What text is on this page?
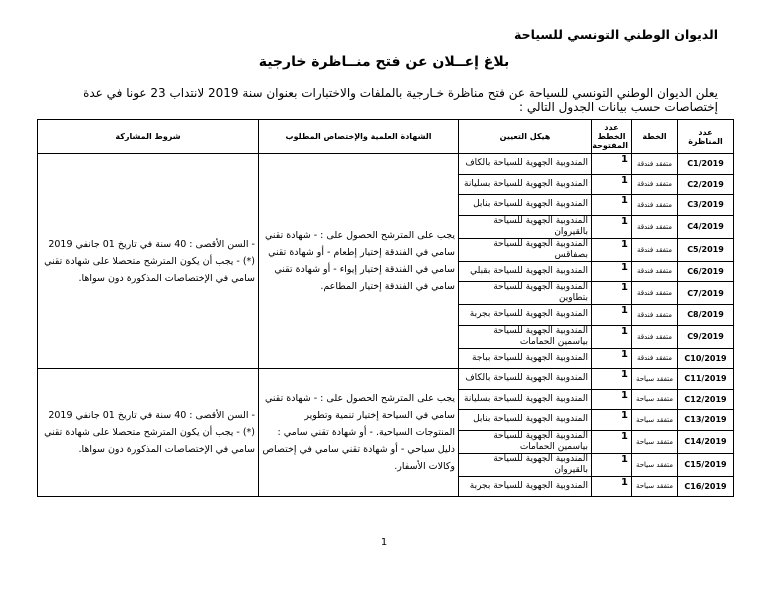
الديوان الوطني التونسي للسياحة
بلاغ إعــلان عن فتح منــاظرة خارجية
يعلن الديوان الوطني التونسي للسياحة عن فتح مناظرة خـارجية بالملفات والاختبارات بعنوان سنة 2019 لانتداب 23 عونا في عدة إختصاصات حسب بيانات الجدول التالي :
عدد المناظرة	الخطة	عدد الخطط المفتوحة	هيكل التعيين	الشهادة العلمية والإختصاص المطلوب	شروط المشاركة
C1/2019	متفقد فندقة	1	المندوبية الجهوية للسياحة بالكاف	يجب على المترشح الحصول على : - شهادة تقني سامي في الفندقة إختيار إطعام - أو شهادة تقني سامي في الفندقة إختيار إيواء - أو شهادة تقني سامي في الفندقة إختيار المطاعم.	- السن الأقصى : 40 سنة في تاريخ 01 جانفي 2019 (*) - يجب أن يكون المترشح متحصلا على شهادة تقني سامي في الإختصاصات المذكورة دون سواها.
C2/2019	متفقد فندقة	1	المندوبية الجهوية للسياحة بسليانة		
C3/2019	متفقد فندقة	1	المندوبية الجهوية للسياحة بنابل		
C4/2019	متفقد فندقة	1	المندوبية الجهوية للسياحة بالقيروان		
C5/2019	متفقد فندقة	1	المندوبية الجهوية للسياحة بصفاقس		
C6/2019	متفقد فندقة	1	المندوبية الجهوية للسياحة بقبلي		
C7/2019	متفقد فندقة	1	المندوبية الجهوية للسياحة بتطاوين		
C8/2019	متفقد فندقة	1	المندوبية الجهوية للسياحة بجربة		
C9/2019	متفقد فندقة	1	المندوبية الجهوية للسياحة بياسمين الحمامات		
C10/2019	متفقد فندقة	1	المندوبية الجهوية للسياحة بباجة		
C11/2019	متفقد سياحة	1	المندوبية الجهوية للسياحة بالكاف	يجب على المترشح الحصول على : - شهادة تقني سامي في السياحة إختيار تنمية وتطوير المنتوجات السياحية. - أو شهادة تقني سامي : دليل سياحي - أو شهادة تقني سامي في إختصاص وكالات الأسفار.	- السن الأقصى : 40 سنة في تاريخ 01 جانفي 2019 (*) - يجب أن يكون المترشح متحصلا على شهادة تقني سامي في الإختصاصات المذكورة دون سواها.
C12/2019	متفقد سياحة	1	المندوبية الجهوية للسياحة بسليانة		
C13/2019	متفقد سياحة	1	المندوبية الجهوية للسياحة بنابل		
C14/2019	متفقد سياحة	1	المندوبية الجهوية للسياحة بياسمين الحمامات		
C15/2019	متفقد سياحة	1	المندوبية الجهوية للسياحة بالقيروان		
C16/2019	متفقد سياحة	1	المندوبية الجهوية للسياحة بجربة		
1
